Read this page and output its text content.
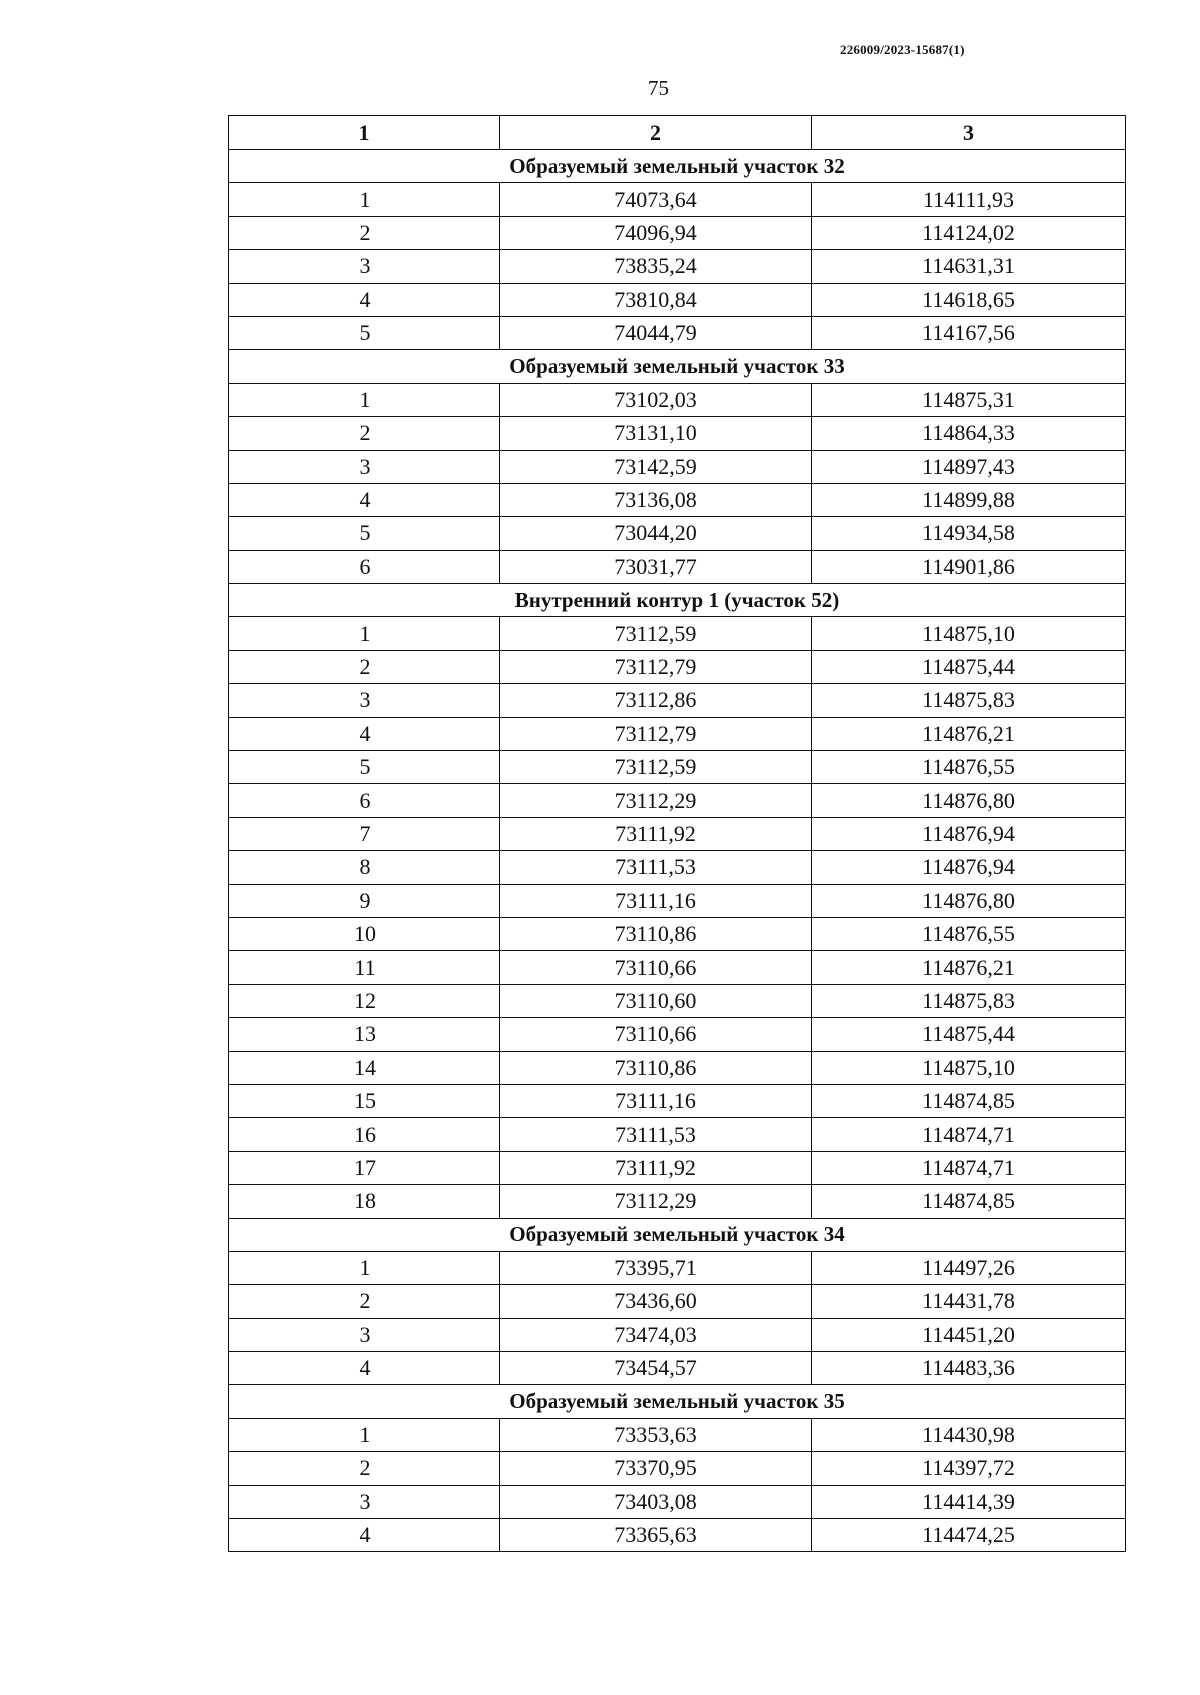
226009/2023-15687(1)
75
1	2	3
Образуемый земельный участок 32		
1	74073,64	114111,93
2	74096,94	114124,02
3	73835,24	114631,31
4	73810,84	114618,65
5	74044,79	114167,56
Образуемый земельный участок 33		
1	73102,03	114875,31
2	73131,10	114864,33
3	73142,59	114897,43
4	73136,08	114899,88
5	73044,20	114934,58
6	73031,77	114901,86
Внутренний контур 1 (участок 52)		
1	73112,59	114875,10
2	73112,79	114875,44
3	73112,86	114875,83
4	73112,79	114876,21
5	73112,59	114876,55
6	73112,29	114876,80
7	73111,92	114876,94
8	73111,53	114876,94
9	73111,16	114876,80
10	73110,86	114876,55
11	73110,66	114876,21
12	73110,60	114875,83
13	73110,66	114875,44
14	73110,86	114875,10
15	73111,16	114874,85
16	73111,53	114874,71
17	73111,92	114874,71
18	73112,29	114874,85
Образуемый земельный участок 34		
1	73395,71	114497,26
2	73436,60	114431,78
3	73474,03	114451,20
4	73454,57	114483,36
Образуемый земельный участок 35		
1	73353,63	114430,98
2	73370,95	114397,72
3	73403,08	114414,39
4	73365,63	114474,25
